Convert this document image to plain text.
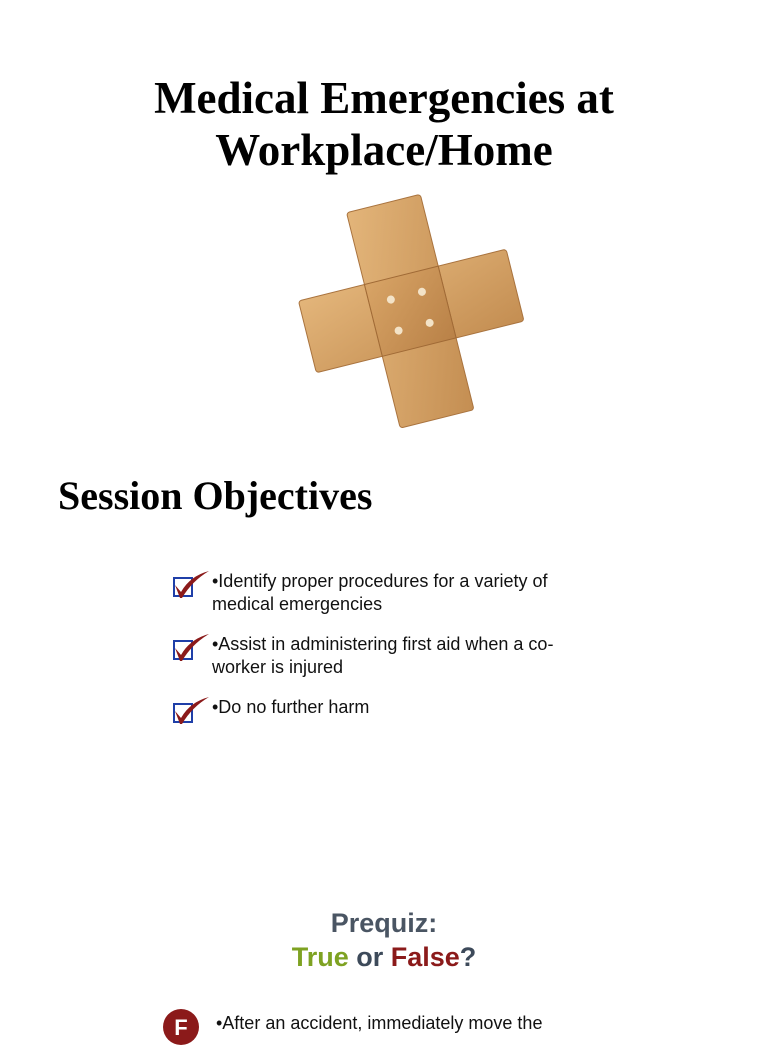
Medical Emergencies at
Workplace/Home
Session Objectives
•Identify proper procedures for a variety of medical emergencies
•Assist in administering first aid when a co-worker is injured
•Do no further harm
Prequiz:
True or False?
F •After an accident, immediately move the
